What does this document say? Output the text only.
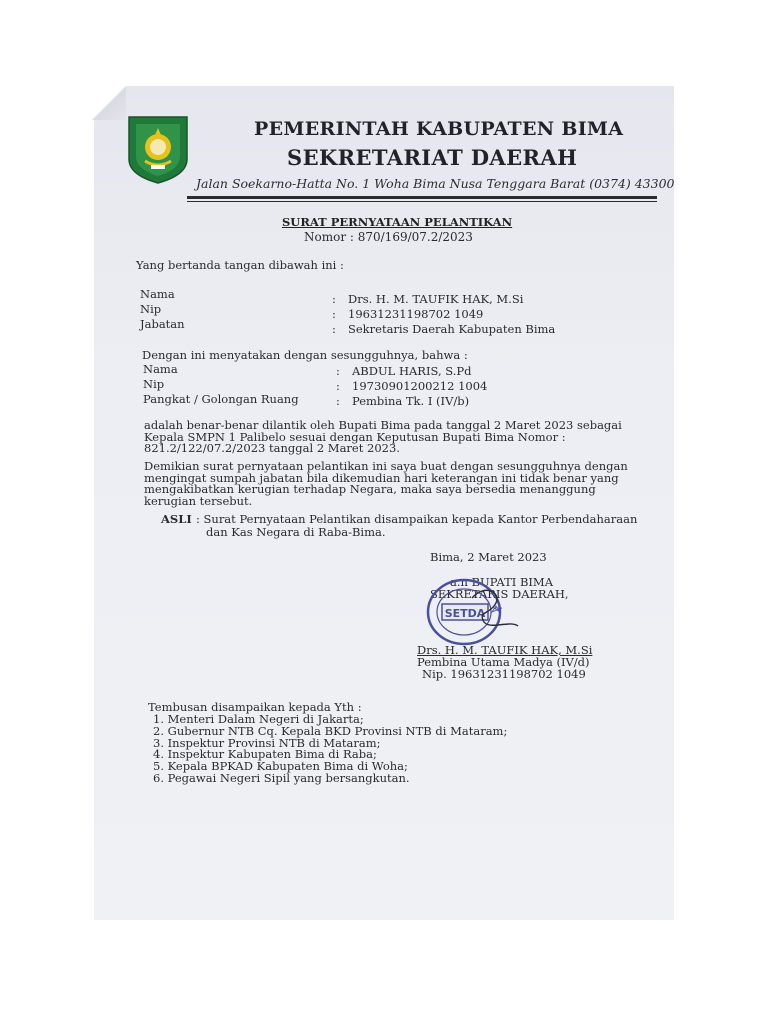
PEMERINTAH KABUPATEN BIMA
SEKRETARIAT DAERAH
Jalan Soekarno-Hatta No. 1 Woha Bima Nusa Tenggara Barat (0374) 43300
SURAT PERNYATAAN PELANTIKAN
Nomor : 870/169/07.2/2023
Yang bertanda tangan dibawah ini :
Nama	: Drs. H. M. TAUFIK HAK, M.Si
Nip	: 19631231198702 1049
Jabatan	: Sekretaris Daerah Kabupaten Bima
Dengan ini menyatakan dengan sesungguhnya, bahwa :
Nama	: ABDUL HARIS, S.Pd
Nip	: 19730901200212 1004
Pangkat / Golongan Ruang	: Pembina Tk. I (IV/b)
adalah benar-benar dilantik oleh Bupati Bima pada tanggal 2 Maret 2023 sebagai
Kepala SMPN 1 Palibelo sesuai dengan Keputusan Bupati Bima Nomor :
821.2/122/07.2/2023 tanggal 2 Maret 2023.
Demikian surat pernyataan pelantikan ini saya buat dengan sesungguhnya dengan
mengingat sumpah jabatan bila dikemudian hari keterangan ini tidak benar yang
mengakibatkan kerugian terhadap Negara, maka saya bersedia menanggung
kerugian tersebut.
ASLI : Surat Pernyataan Pelantikan disampaikan kepada Kantor Perbendaharaan
dan Kas Negara di Raba-Bima.
Bima, 2 Maret 2023
a.n BUPATI BIMA
SEKRETARIS DAERAH,
SETDA
Drs. H. M. TAUFIK HAK, M.Si
Pembina Utama Madya (IV/d)
Nip. 19631231198702 1049
Tembusan disampaikan kepada Yth :
1. Menteri Dalam Negeri di Jakarta;
2. Gubernur NTB Cq. Kepala BKD Provinsi NTB di Mataram;
3. Inspektur Provinsi NTB di Mataram;
4. Inspektur Kabupaten Bima di Raba;
5. Kepala BPKAD Kabupaten Bima di Woha;
6. Pegawai Negeri Sipil yang bersangkutan.
